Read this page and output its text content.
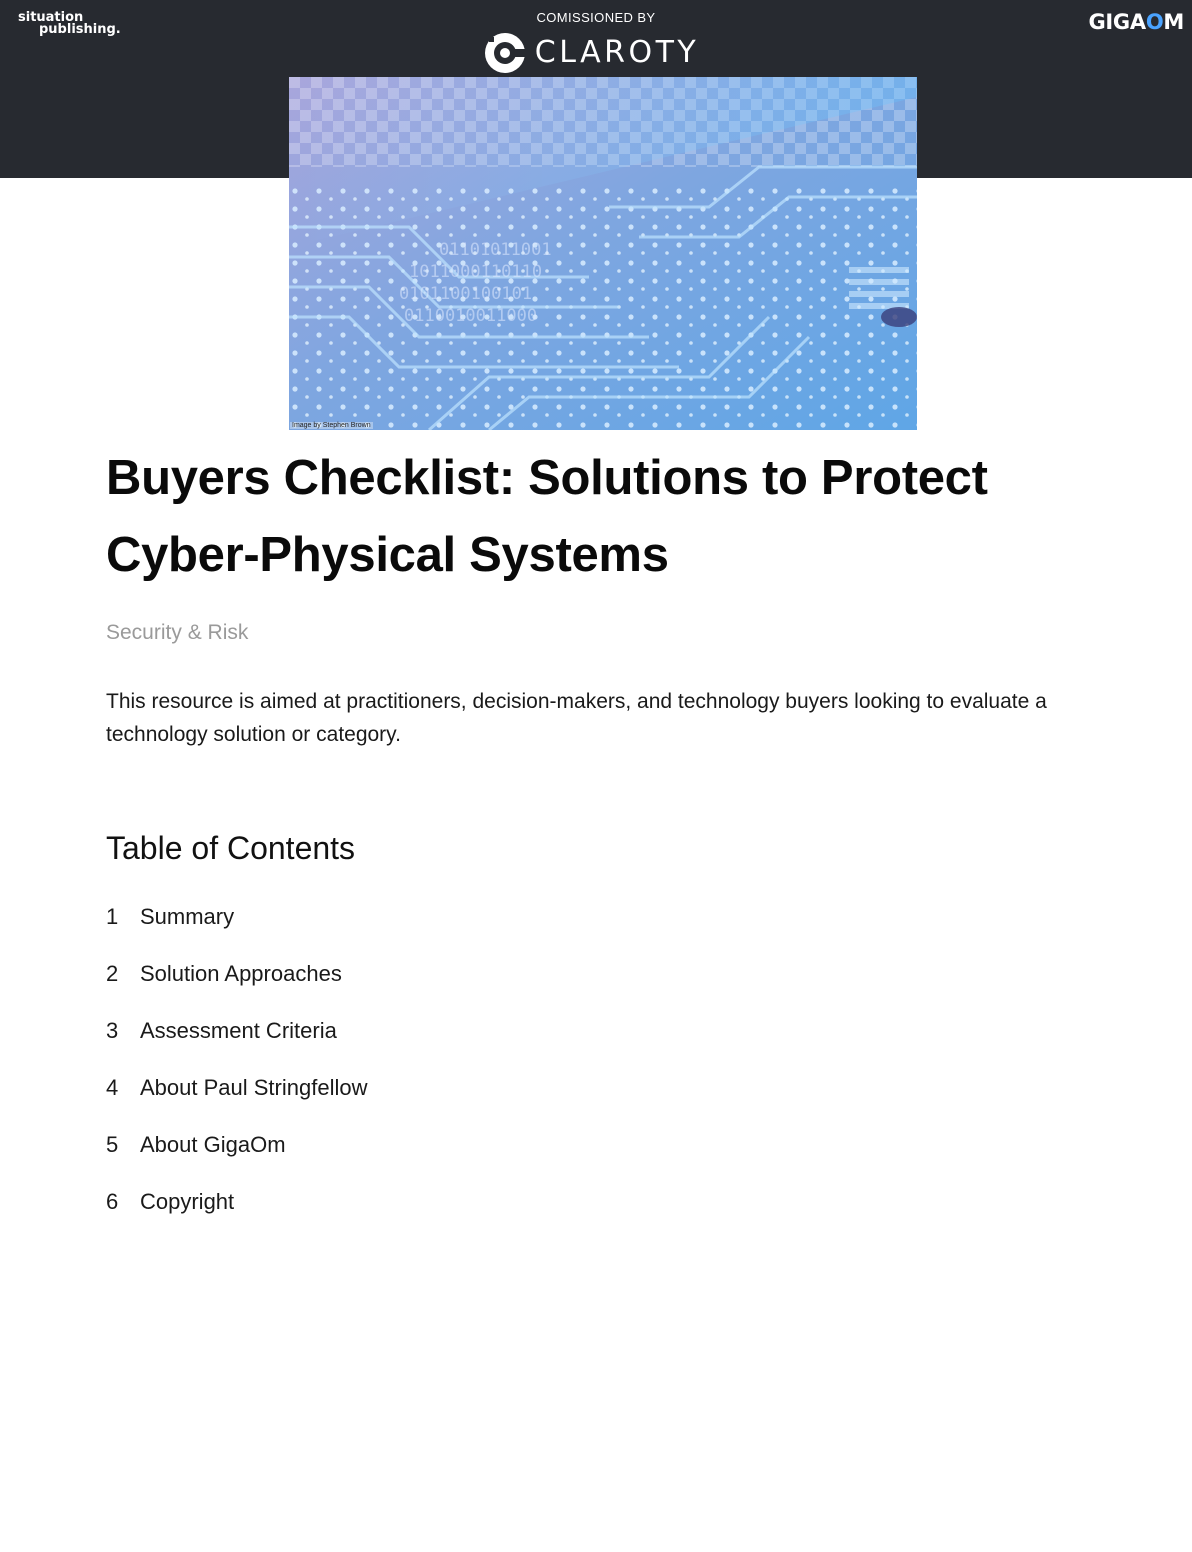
situation
publishing.
COMISSIONED BY
CLAROTY
GIGAOM
01101011001
1011000110110
0101100100101
0110010011000
Image by Stephen Brown
Buyers Checklist: Solutions to Protect
Cyber-Physical Systems

Security & Risk

This resource is aimed at practitioners, decision-makers, and technology buyers looking to evaluate a technology solution or category.

Table of Contents
1 Summary
2 Solution Approaches
3 Assessment Criteria
4 About Paul Stringfellow
5 About GigaOm
6 Copyright
